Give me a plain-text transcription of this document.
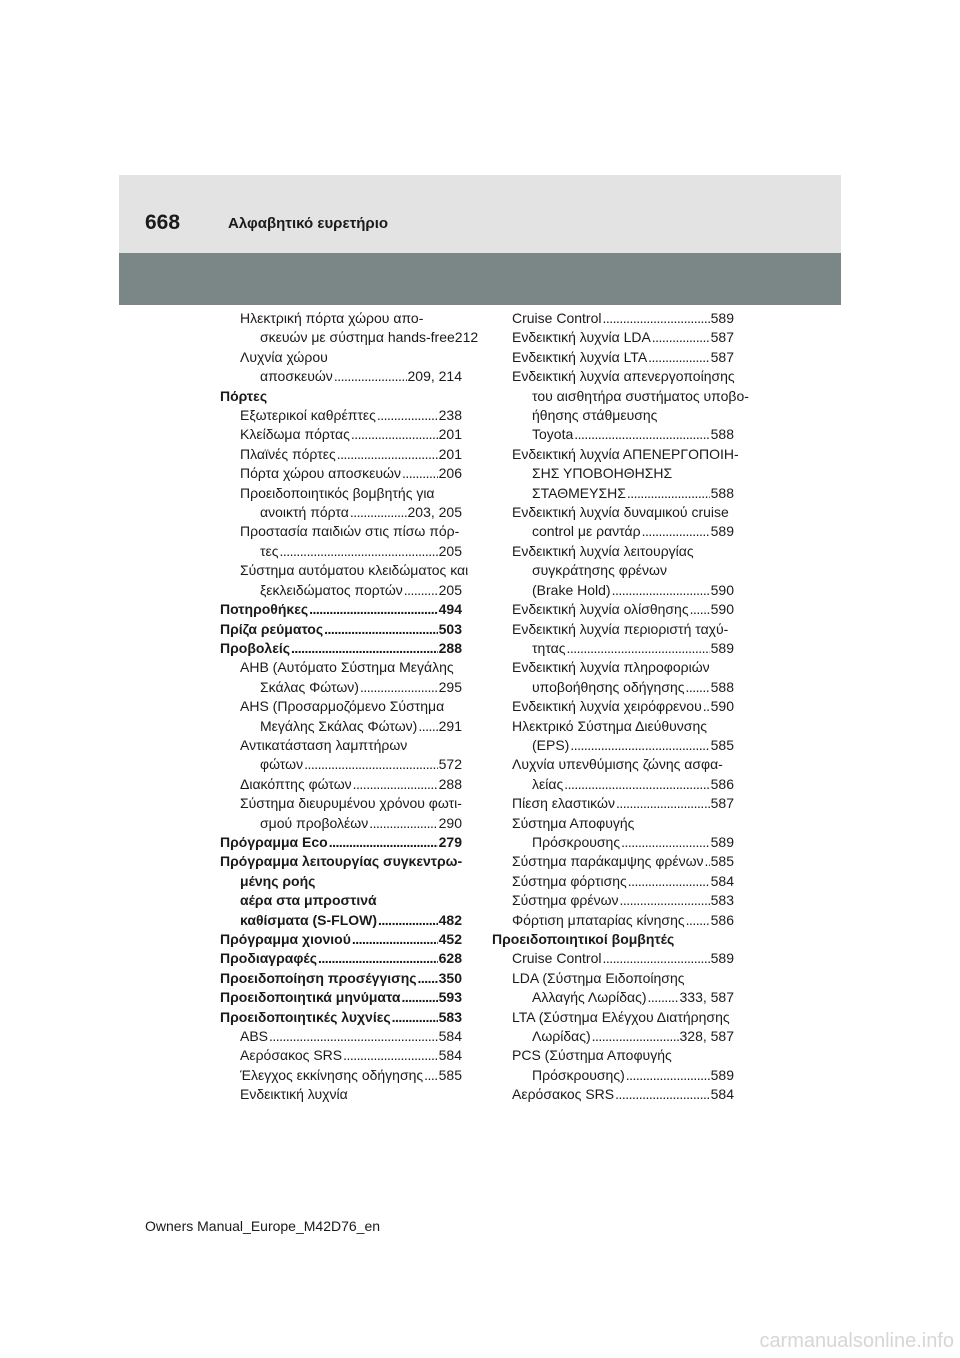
668	Αλφαβητικό ευρετήριο
Ηλεκτρική πόρτα χώρου απο-
σκευών με σύστημα hands-free212
Λυχνία χώρου
αποσκευών . . .	209, 214
Πόρτες
Εξωτερικοί καθρέπτες . . .	238
Κλείδωμα πόρτας . . .	201
Πλαϊνές πόρτες . . .	201
Πόρτα χώρου αποσκευών . . .	206
Προειδοποιητικός βομβητής για
ανοικτή πόρτα . . .	203, 205
Προστασία παιδιών στις πίσω πόρ-
τες . . .	205
Σύστημα αυτόματου κλειδώματος και
ξεκλειδώματος πορτών . . .	205
Ποτηροθήκες . . .	494
Πρίζα ρεύματος . . .	503
Προβολείς . . .	288
AHB (Αυτόματο Σύστημα Μεγάλης
Σκάλας Φώτων) . . .	295
AHS (Προσαρμοζόμενο Σύστημα
Μεγάλης Σκάλας Φώτων) . . . 291
Αντικατάσταση λαμπτήρων
φώτων . . .	572
Διακόπτης φώτων . . .	288
Σύστημα διευρυμένου χρόνου φωτι-
σμού προβολέων . . .	290
Πρόγραμμα Eco . . .	279
Πρόγραμμα λειτουργίας συγκεντρω-
μένης ροής
αέρα στα μπροστινά
καθίσματα (S-FLOW) . . .	482
Πρόγραμμα χιονιού . . .	452
Προδιαγραφές . . .	628
Προειδοποίηση προσέγγισης . . . 350
Προειδοποιητικά μηνύματα . . .	593
Προειδοποιητικές λυχνίες . . .	583
ABS . . .	584
Αερόσακος SRS . . .	584
Έλεγχος εκκίνησης οδήγησης . . . 585
Ενδεικτική λυχνία
Cruise Control . . .	589
Ενδεικτική λυχνία LDA . . .	587
Ενδεικτική λυχνία LTA . . .	587
Ενδεικτική λυχνία απενεργοποίησης
του αισθητήρα συστήματος υποβο-
ήθησης στάθμευσης
Toyota . . .	588
Ενδεικτική λυχνία ΑΠΕΝΕΡΓΟΠΟΙΗ-
ΣΗΣ ΥΠΟΒΟΗΘΗΣΗΣ
ΣΤΑΘΜΕΥΣΗΣ . . .	588
Ενδεικτική λυχνία δυναμικού cruise
control με ραντάρ . . .	589
Ενδεικτική λυχνία λειτουργίας
συγκράτησης φρένων
(Brake Hold) . . .	590
Ενδεικτική λυχνία ολίσθησης . . . 590
Ενδεικτική λυχνία περιοριστή ταχύ-
τητας . . .	589
Ενδεικτική λυχνία πληροφοριών
υποβοήθησης οδήγησης . . . 588
Ενδεικτική λυχνία χειρόφρενου . . . 590
Ηλεκτρικό Σύστημα Διεύθυνσης
(EPS) . . .	585
Λυχνία υπενθύμισης ζώνης ασφα-
λείας . . .	586
Πίεση ελαστικών . . .	587
Σύστημα Αποφυγής
Πρόσκρουσης . . .	589
Σύστημα παράκαμψης φρένων . . . 585
Σύστημα φόρτισης . . .	584
Σύστημα φρένων . . .	583
Φόρτιση μπαταρίας κίνησης . . . 586
Προειδοποιητικοί βομβητές
Cruise Control . . .	589
LDA (Σύστημα Ειδοποίησης
Αλλαγής Λωρίδας) . . . 333, 587
LTA (Σύστημα Ελέγχου Διατήρησης
Λωρίδας) . . .	328, 587
PCS (Σύστημα Αποφυγής
Πρόσκρουσης) . . .	589
Αερόσακος SRS . . .	584
Owners Manual_Europe_M42D76_en
carmanualsonline.info
